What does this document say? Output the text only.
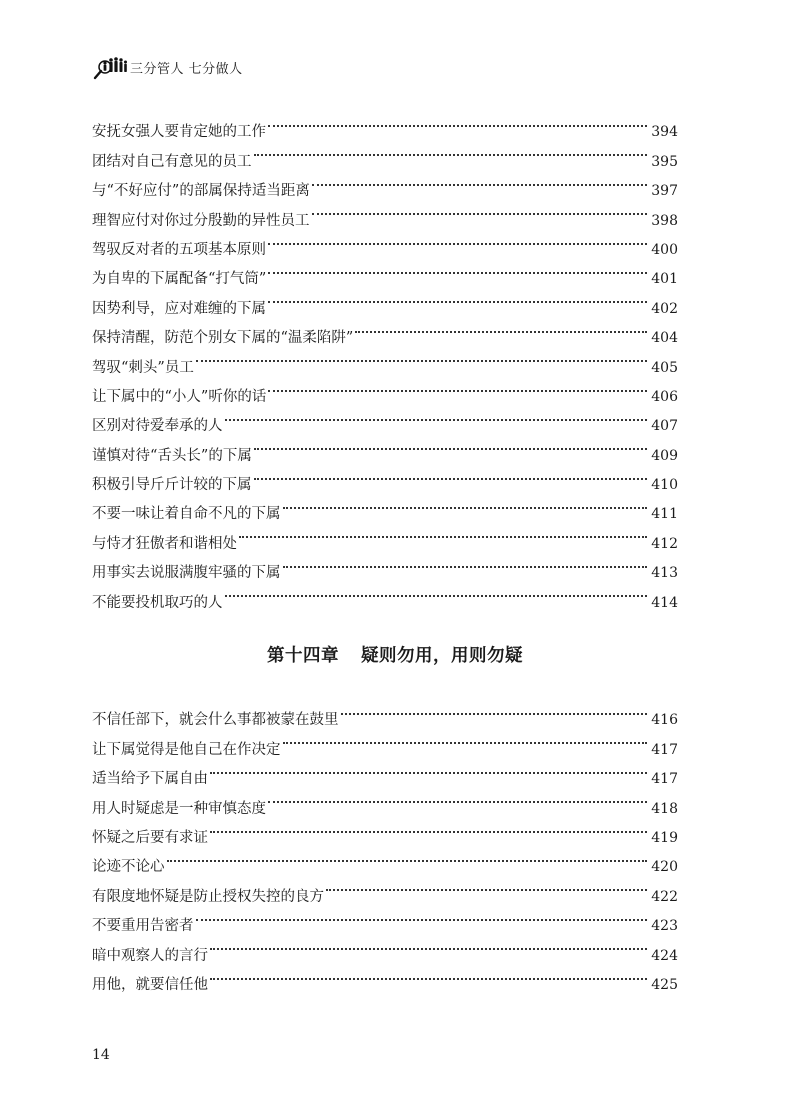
三分管人 七分做人
安抚女强人要肯定她的工作	394
团结对自己有意见的员工	395
与“不好应付”的部属保持适当距离	397
理智应付对你过分殷勤的异性员工	398
驾驭反对者的五项基本原则	400
为自卑的下属配备“打气筒”	401
因势利导，应对难缠的下属	402
保持清醒，防范个别女下属的“温柔陷阱”	404
驾驭“刺头”员工	405
让下属中的“小人”听你的话	406
区别对待爱奉承的人	407
谨慎对待“舌头长”的下属	409
积极引导斤斤计较的下属	410
不要一味让着自命不凡的下属	411
与恃才狂傲者和谐相处	412
用事实去说服满腹牢骚的下属	413
不能要投机取巧的人	414
第十四章 疑则勿用，用则勿疑
不信任部下，就会什么事都被蒙在鼓里	416
让下属觉得是他自己在作决定	417
适当给予下属自由	417
用人时疑虑是一种审慎态度	418
怀疑之后要有求证	419
论迹不论心	420
有限度地怀疑是防止授权失控的良方	422
不要重用告密者	423
暗中观察人的言行	424
用他，就要信任他	425
14
